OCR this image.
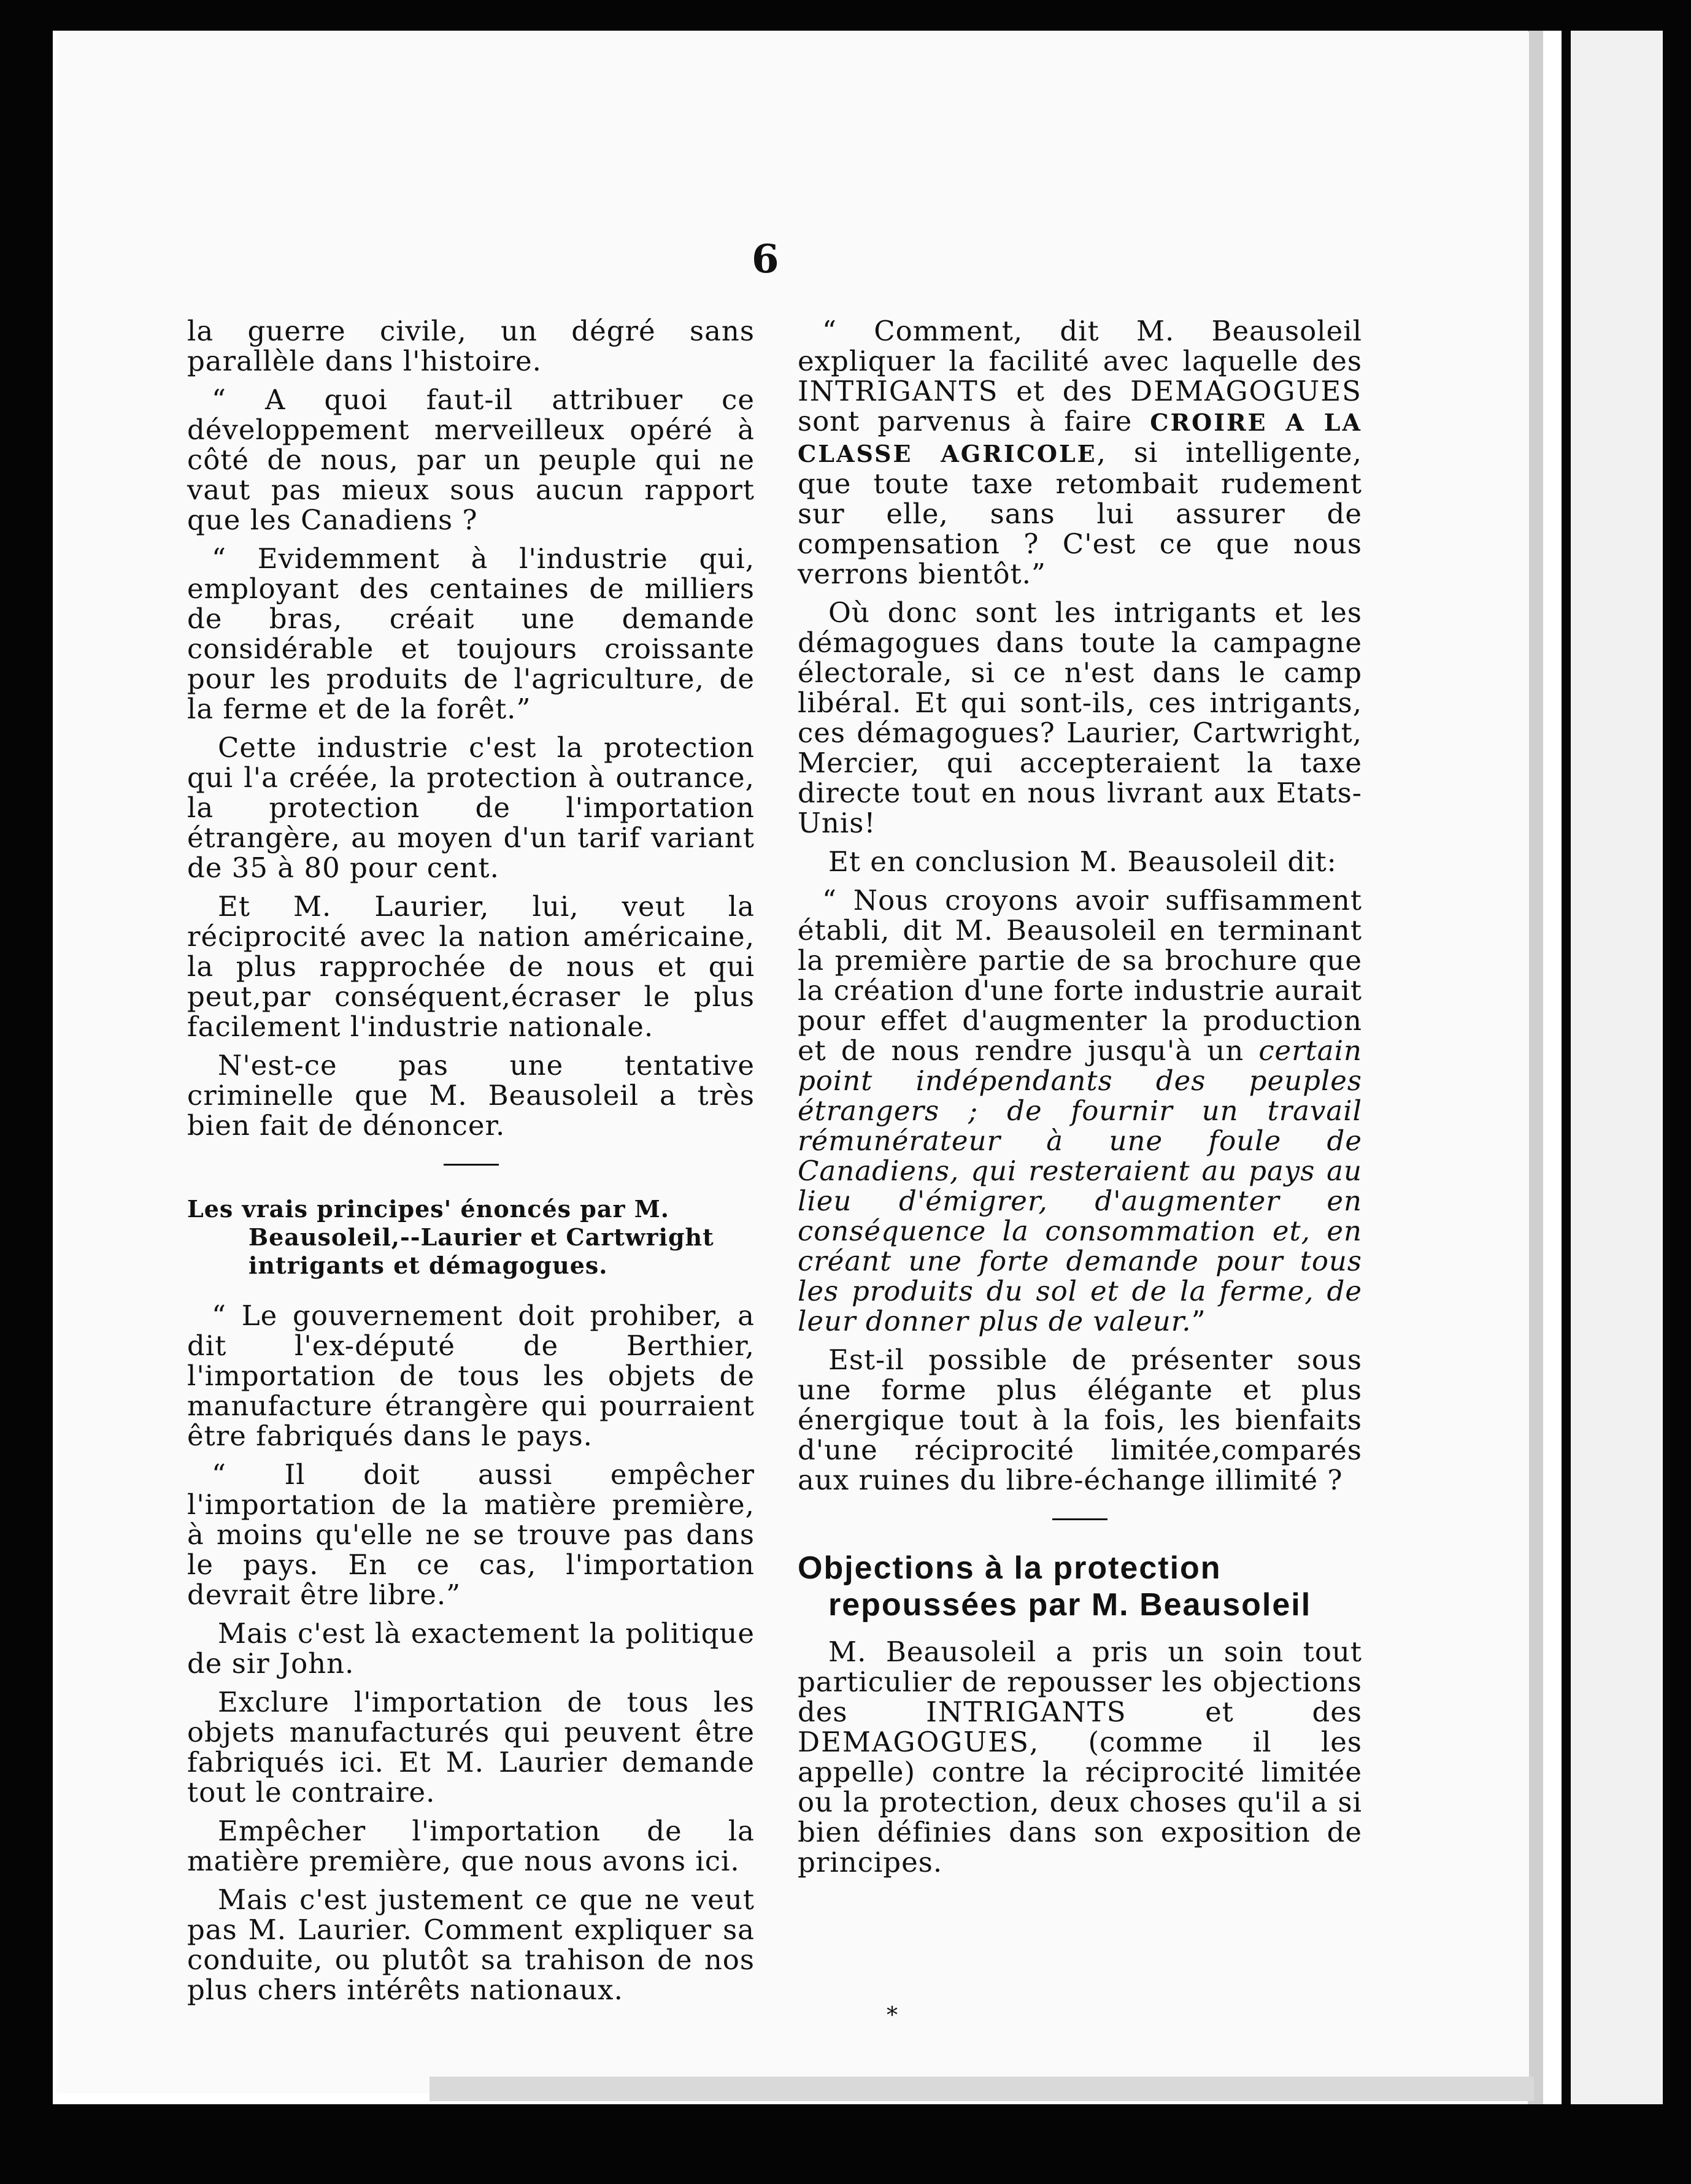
6

la guerre civile, un dégré sans parallèle dans l'histoire.

“ A quoi faut-il attribuer ce développement merveilleux opéré à côté de nous, par un peuple qui ne vaut pas mieux sous aucun rapport que les Canadiens ?

“ Evidemment à l'industrie qui, employant des centaines de milliers de bras, créait une demande considérable et toujours croissante pour les produits de l'agriculture, de la ferme et de la forêt.”

Cette industrie c'est la protection qui l'a créée, la protection à outrance, la protection de l'importation étrangère, au moyen d'un tarif variant de 35 à 80 pour cent.

Et M. Laurier, lui, veut la réciprocité avec la nation américaine, la plus rapprochée de nous et qui peut,par conséquent,écraser le plus facilement l'industrie nationale.

N'est-ce pas une tentative criminelle que M. Beausoleil a très bien fait de dénoncer.

Les vrais principes' énoncés par M. Beausoleil,--Laurier et Cartwright intrigants et démagogues.

“ Le gouvernement doit prohiber, a dit l'ex-député de Berthier, l'importation de tous les objets de manufacture étrangère qui pourraient être fabriqués dans le pays.

“ Il doit aussi empêcher l'importation de la matière première, à moins qu'elle ne se trouve pas dans le pays. En ce cas, l'importation devrait être libre.”

Mais c'est là exactement la politique de sir John.

Exclure l'importation de tous les objets manufacturés qui peuvent être fabriqués ici. Et M. Laurier demande tout le contraire.

Empêcher l'importation de la matière première, que nous avons ici.

Mais c'est justement ce que ne veut pas M. Laurier. Comment expliquer sa conduite, ou plutôt sa trahison de nos plus chers intérêts nationaux.

“ Comment, dit M. Beausoleil expliquer la facilité avec laquelle des INTRIGANTS et des DEMAGOGUES sont parvenus à faire CROIRE A LA CLASSE AGRICOLE, si intelligente, que toute taxe retombait rudement sur elle, sans lui assurer de compensation ? C'est ce que nous verrons bientôt.”

Où donc sont les intrigants et les démagogues dans toute la campagne électorale, si ce n'est dans le camp libéral. Et qui sont-ils, ces intrigants, ces démagogues? Laurier, Cartwright, Mercier, qui accepteraient la taxe directe tout en nous livrant aux Etats-Unis!

Et en conclusion M. Beausoleil dit:

“ Nous croyons avoir suffisamment établi, dit M. Beausoleil en terminant la première partie de sa brochure que la création d'une forte industrie aurait pour effet d'augmenter la production et de nous rendre jusqu'à un certain point indépendants des peuples étrangers ; de fournir un travail rémunérateur à une foule de Canadiens, qui resteraient au pays au lieu d'émigrer, d'augmenter en conséquence la consommation et, en créant une forte demande pour tous les produits du sol et de la ferme, de leur donner plus de valeur.”

Est-il possible de présenter sous une forme plus élégante et plus énergique tout à la fois, les bienfaits d'une réciprocité limitée,comparés aux ruines du libre-échange illimité ?

Objections à la protection repoussées par M. Beausoleil

M. Beausoleil a pris un soin tout particulier de repousser les objections des INTRIGANTS et des DEMAGOGUES, (comme il les appelle) contre la réciprocité limitée ou la protection, deux choses qu'il a si bien définies dans son exposition de principes.

*
